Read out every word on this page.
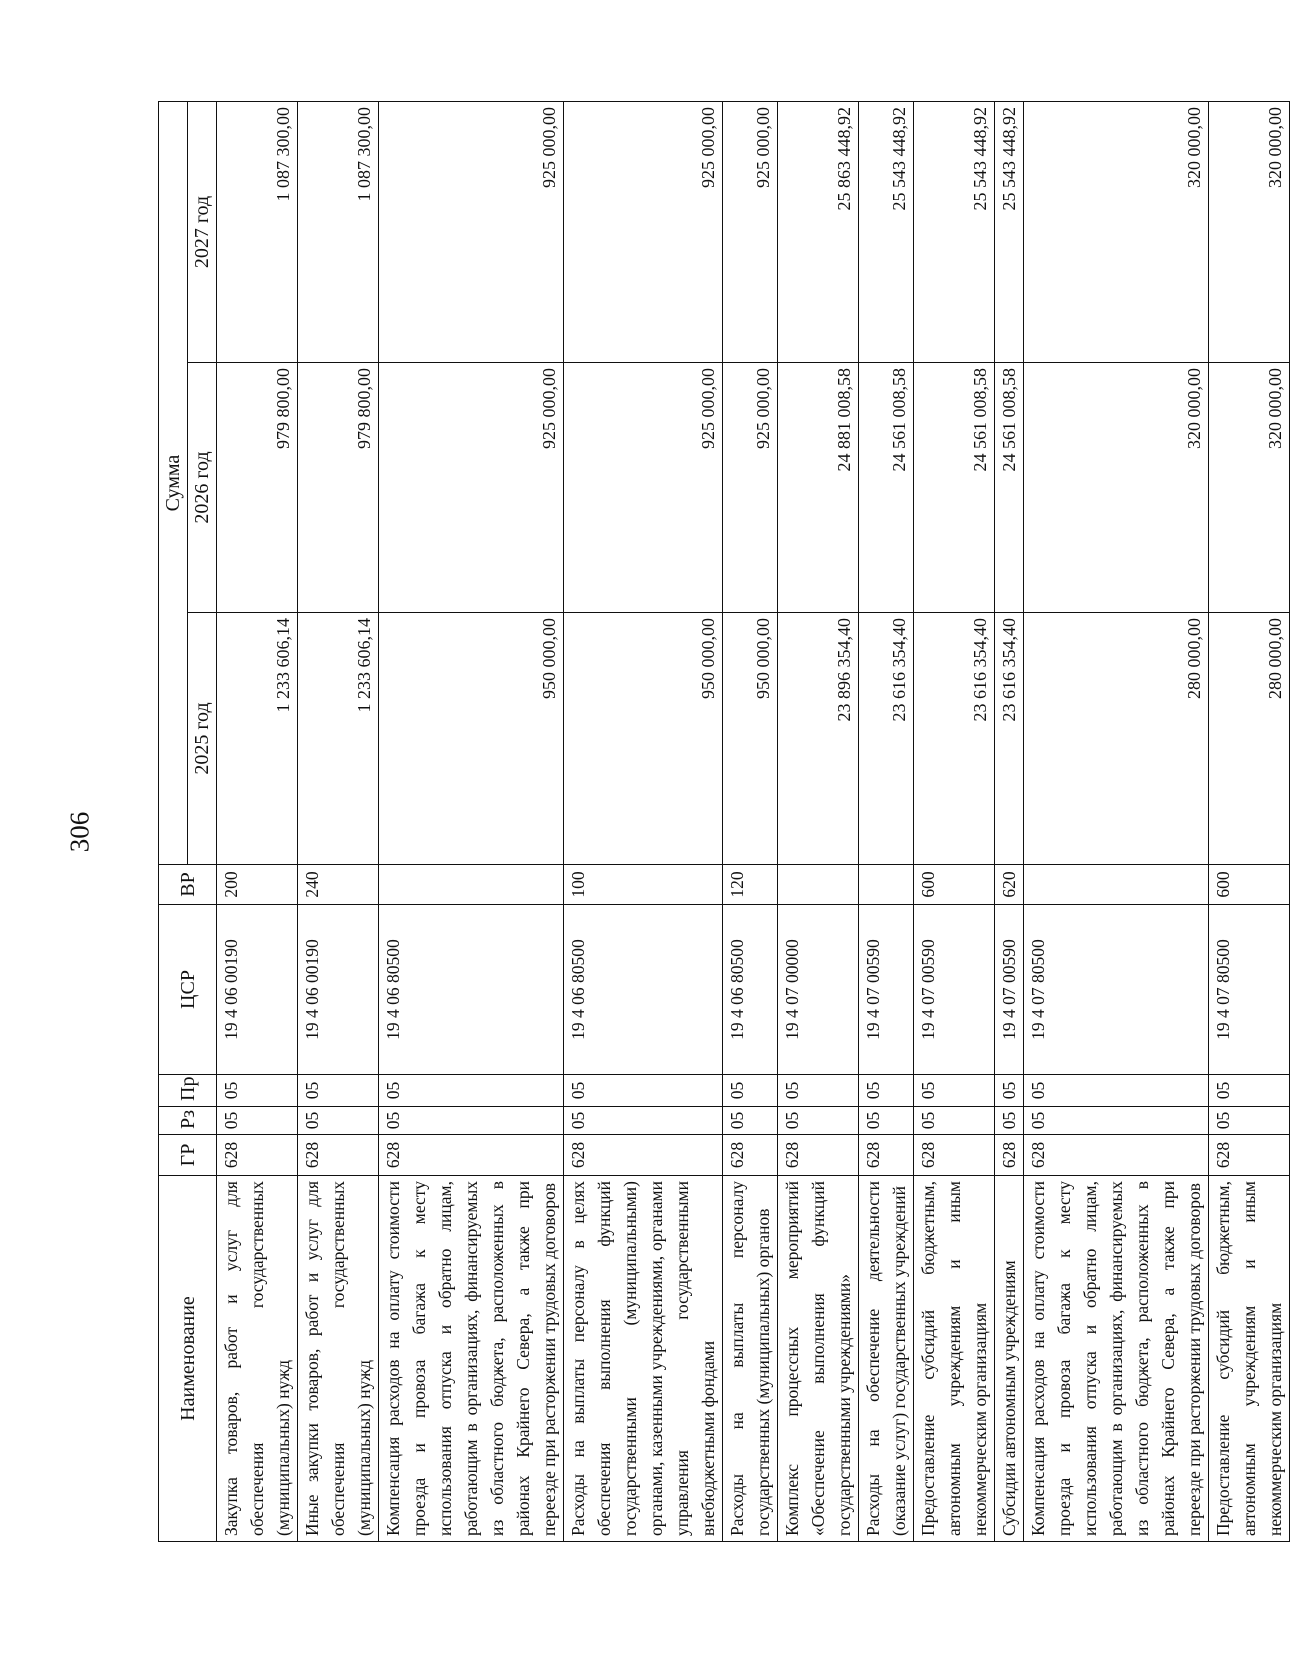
306
Наименование	ГР	Рз	Пр	ЦСР	ВР	Сумма		
						2025 год	2026 год	2027 год
Закупка товаров, работ и услуг для обеспечения государственных (муниципальных) нужд	628	05	05	19 4 06 00190	200	1 233 606,14	979 800,00	1 087 300,00
Иные закупки товаров, работ и услуг для обеспечения государственных (муниципальных) нужд	628	05	05	19 4 06 00190	240	1 233 606,14	979 800,00	1 087 300,00
Компенсация расходов на оплату стоимости проезда и провоза багажа к месту использования отпуска и обратно лицам, работающим в организациях, финансируемых из областного бюджета, расположенных в районах Крайнего Севера, а также при переезде при расторжении трудовых договоров	628	05	05	19 4 06 80500		950 000,00	925 000,00	925 000,00
Расходы на выплаты персоналу в целях обеспечения выполнения функций государственными (муниципальными) органами, казенными учреждениями, органами управления государственными внебюджетными фондами	628	05	05	19 4 06 80500	100	950 000,00	925 000,00	925 000,00
Расходы на выплаты персоналу государственных (муниципальных) органов	628	05	05	19 4 06 80500	120	950 000,00	925 000,00	925 000,00
Комплекс процессных мероприятий «Обеспечение выполнения функций государственными учреждениями»	628	05	05	19 4 07 00000		23 896 354,40	24 881 008,58	25 863 448,92
Расходы на обеспечение деятельности (оказание услуг) государственных учреждений	628	05	05	19 4 07 00590		23 616 354,40	24 561 008,58	25 543 448,92
Предоставление субсидий бюджетным, автономным учреждениям и иным некоммерческим организациям	628	05	05	19 4 07 00590	600	23 616 354,40	24 561 008,58	25 543 448,92
Субсидии автономным учреждениям	628	05	05	19 4 07 00590	620	23 616 354,40	24 561 008,58	25 543 448,92
Компенсация расходов на оплату стоимости проезда и провоза багажа к месту использования отпуска и обратно лицам, работающим в организациях, финансируемых из областного бюджета, расположенных в районах Крайнего Севера, а также при переезде при расторжении трудовых договоров	628	05	05	19 4 07 80500		280 000,00	320 000,00	320 000,00
Предоставление субсидий бюджетным, автономным учреждениям и иным некоммерческим организациям	628	05	05	19 4 07 80500	600	280 000,00	320 000,00	320 000,00
